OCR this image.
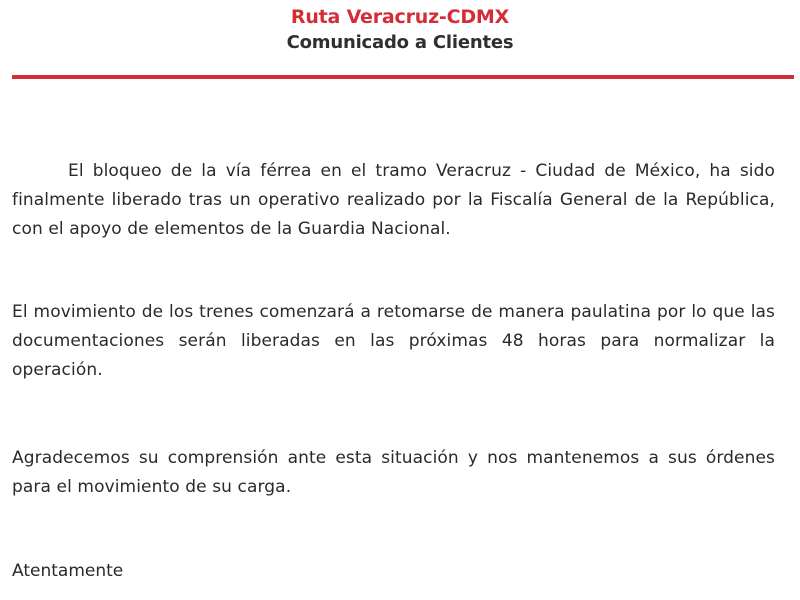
Ruta Veracruz-CDMX
Comunicado a Clientes
El bloqueo de la vía férrea en el tramo Veracruz - Ciudad de México, ha sido finalmente liberado tras un operativo realizado por la Fiscalía General de la República, con el apoyo de elementos de la Guardia Nacional.
El movimiento de los trenes comenzará a retomarse de manera paulatina por lo que las documentaciones serán liberadas en las próximas 48 horas para normalizar la operación.
Agradecemos su comprensión ante esta situación y nos mantenemos a sus órdenes para el movimiento de su carga.
Atentamente
